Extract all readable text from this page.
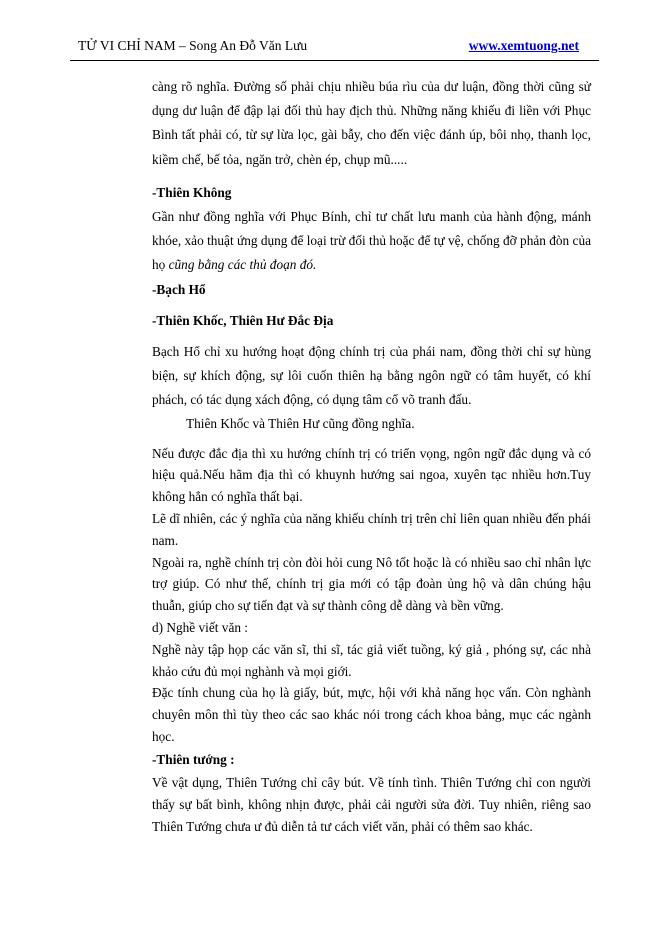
TỬ VI CHỈ NAM – Song An Đỗ Văn Lưu	www.xemtuong.net

càng rõ nghĩa. Đường số phải chịu nhiều búa rìu của dư luận, đồng thời cũng sử dụng dư luận để đập lại đối thủ hay địch thủ. Những năng khiếu đi liền với Phục Bình tất phải có, từ sự lừa lọc, gài bẫy, cho đến việc đánh úp, bôi nhọ, thanh lọc, kiềm chế, bế tỏa, ngăn trở, chèn ép, chụp mũ.....

-Thiên Không

Gần như đồng nghĩa với Phục Bính, chỉ tư chất lưu manh của hành động, mánh khóe, xảo thuật ứng dụng để loại trừ đối thủ hoặc để tự vệ, chống đỡ phản đòn của họ cũng bằng các thủ đoạn đó.

-Bạch Hổ

-Thiên Khốc, Thiên Hư Đắc Địa

Bạch Hổ chỉ xu hướng hoạt động chính trị của phái nam, đồng thời chỉ sự hùng biện, sự khích động, sự lôi cuốn thiên hạ bằng ngôn ngữ có tâm huyết, có khí phách, có tác dụng xách động, có dụng tâm cổ võ tranh đấu.

Thiên Khốc và Thiên Hư cũng đồng nghĩa.

Nếu được đắc địa thì xu hướng chính trị có triển vọng, ngôn ngữ đắc dụng và có hiệu quả.Nếu hãm địa thì có khuynh hướng sai ngoa, xuyên tạc nhiều hơn.Tuy không hẳn có nghĩa thất bại.

Lẽ dĩ nhiên, các ý nghĩa của năng khiếu chính trị trên chỉ liên quan nhiều đến phái nam.

Ngoài ra, nghề chính trị còn đòi hỏi cung Nô tốt hoặc là có nhiều sao chỉ nhân lực trợ giúp. Có như thế, chính trị gia mới có tập đoàn ủng hộ và dân chúng hậu thuẫn, giúp cho sự tiến đạt và sự thành công dễ dàng và bền vững.

d) Nghề viết văn :

Nghề này tập họp các văn sĩ, thi sĩ, tác giả viết tuồng, ký giả , phóng sự, các nhà khảo cứu đủ mọi nghành và mọi giới.

Đặc tính chung của họ là giấy, bút, mực, hội với khả năng học vấn. Còn nghành chuyên môn thì tùy theo các sao khác nói trong cách khoa bảng, mục các ngành học.

-Thiên tướng :

Về vật dụng, Thiên Tướng chỉ cây bút. Về tính tình. Thiên Tướng chỉ con người thấy sự bất bình, không nhịn được, phải cải người sửa đời. Tuy nhiên, riêng sao Thiên Tướng chưa ư đủ diễn tả tư cách viết văn, phải có thêm sao khác.
